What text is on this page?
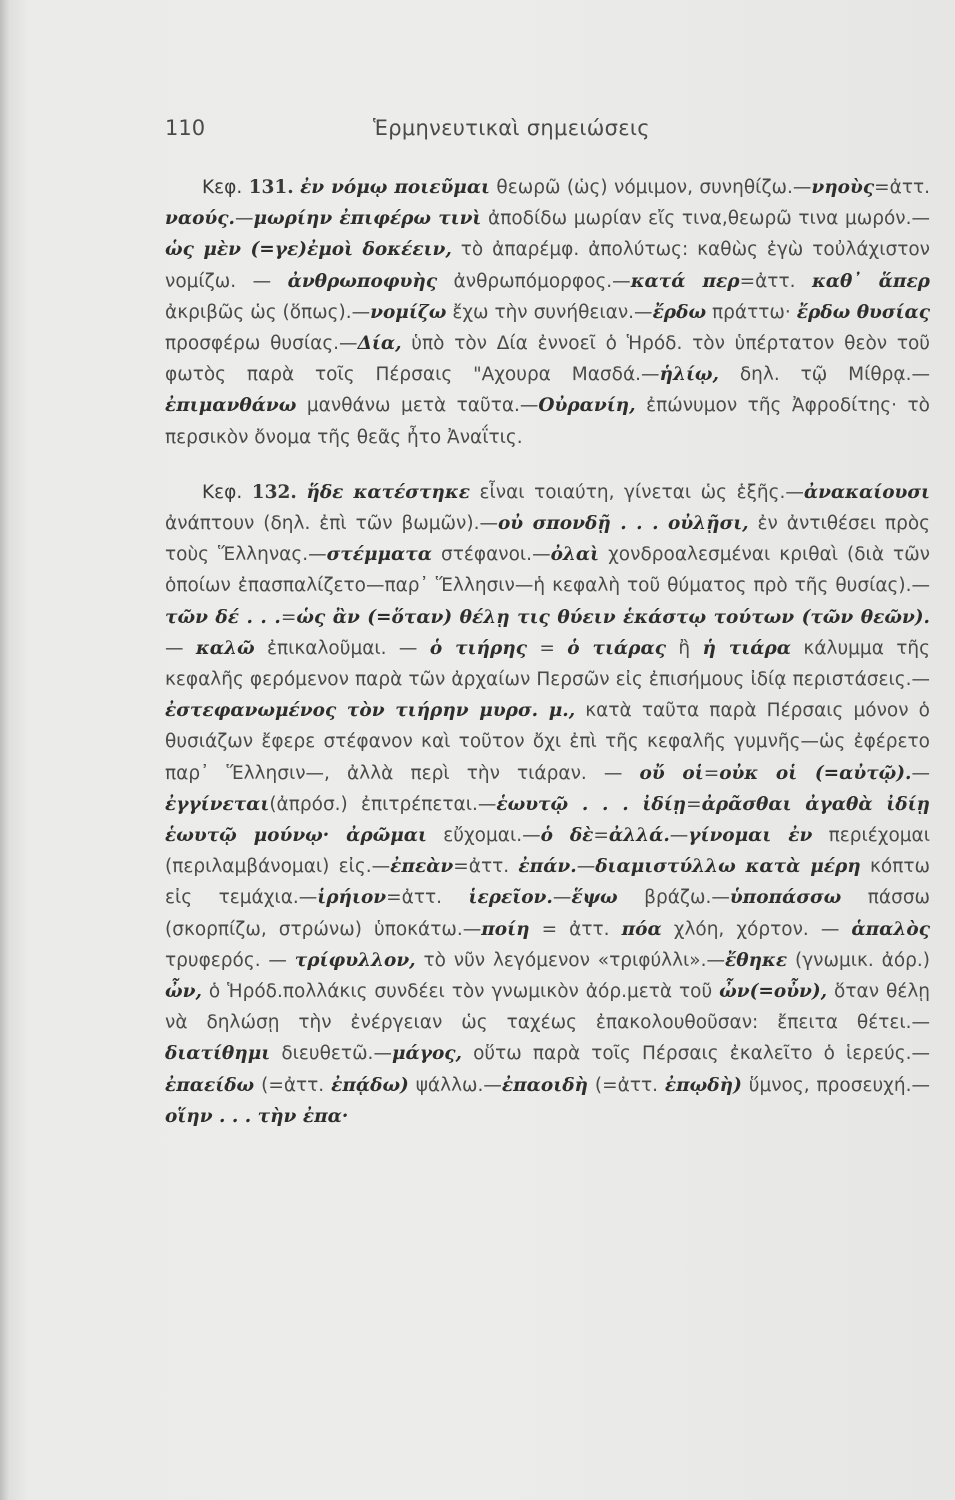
110	Ἑρμηνευτικαὶ σημειώσεις

Κεφ. 131. ἐν νόμῳ ποιεῦμαι θεωρῶ (ὡς) νόμιμον, συνηθίζω.—νηοὺς=ἀττ. ναούς.—μωρίην ἐπιφέρω τινὶ ἀποδίδω μωρίαν εἴς τινα,θεωρῶ τινα μωρόν.—ὡς μὲν (=γε)ἐμοὶ δοκέειν, τὸ ἀπαρέμφ. ἀπολύτως: καθὼς ἐγὼ τοὐλάχιστον νομίζω. — ἀνθρωποφυὴς ἀνθρωπόμορφος.—κατά περ=ἀττ. καθ᾽ ἅπερ ἀκριβῶς ὡς (ὅπως).—νομίζω ἔχω τὴν συνήθειαν.—ἔρδω πράττω· ἔρδω θυσίας προσφέρω θυσίας.—Δία, ὑπὸ τὸν Δία ἐννοεῖ ὁ Ἡρόδ. τὸν ὑπέρτατον θεὸν τοῦ φωτὸς παρὰ τοῖς Πέρσαις "Αχουρα Μασδά.—ἡλίῳ, δηλ. τῷ Μίθρᾳ.—ἐπιμανθάνω μανθάνω μετὰ ταῦτα.—Οὐρανίη, ἐπώνυμον τῆς Ἀφροδίτης· τὸ περσικὸν ὄνομα τῆς θεᾶς ἦτο Ἀναΐτις.

Κεφ. 132. ἥδε κατέστηκε εἶναι τοιαύτη, γίνεται ὡς ἑξῆς.—ἀνακαίουσι ἀνάπτουν (δηλ. ἐπὶ τῶν βωμῶν).—οὐ σπονδῇ . . . οὐλῇσι, ἐν ἀντιθέσει πρὸς τοὺς Ἕλληνας.—στέμματα στέφανοι.—ὀλαὶ χονδροαλεσμέναι κριθαὶ (διὰ τῶν ὁποίων ἐπασπαλίζετο—παρ᾽ Ἕλλησιν—ἡ κεφαλὴ τοῦ θύματος πρὸ τῆς θυσίας).—τῶν δέ . . .=ὡς ἂν (=ὅταν) θέλῃ τις θύειν ἑκάστῳ τούτων (τῶν θεῶν). — καλῶ ἐπικαλοῦμαι. — ὁ τιήρης = ὁ τιάρας ἢ ἡ τιάρα κάλυμμα τῆς κεφαλῆς φερόμενον παρὰ τῶν ἀρχαίων Περσῶν εἰς ἐπισήμους ἰδίᾳ περιστάσεις.—ἐστεφανωμένος τὸν τιήρην μυρσ. μ., κατὰ ταῦτα παρὰ Πέρσαις μόνον ὁ θυσιάζων ἔφερε στέφανον καὶ τοῦτον ὄχι ἐπὶ τῆς κεφαλῆς γυμνῆς—ὡς ἐφέρετο παρ᾽ Ἕλλησιν—, ἀλλὰ περὶ τὴν τιάραν. — οὔ οἱ=οὐκ οἱ (=αὐτῷ).—ἐγγίνεται(ἀπρόσ.) ἐπιτρέπεται.—ἑωυτῷ . . . ἰδίῃ=ἀρᾶσθαι ἀγαθὰ ἰδίῃ ἑωυτῷ μούνῳ· ἀρῶμαι εὔχομαι.—ὁ δὲ=ἀλλά.—γίνομαι ἐν περιέχομαι (περιλαμβάνομαι) εἰς.—ἐπεὰν=ἀττ. ἐπάν.—διαμιστύλλω κατὰ μέρη κόπτω εἰς τεμάχια.—ἱρήιον=ἀττ. ἱερεῖον.—ἕψω βράζω.—ὑποπάσσω πάσσω (σκορπίζω, στρώνω) ὑποκάτω.—ποίη = ἀττ. πόα χλόη, χόρτον. — ἁπαλὸς τρυφερός. — τρίφυλλον, τὸ νῦν λεγόμενον «τριφύλλι».—ἔθηκε (γνωμικ. ἀόρ.) ὦν, ὁ Ἡρόδ.πολλάκις συνδέει τὸν γνωμικὸν ἀόρ.μετὰ τοῦ ὦν(=οὖν), ὅταν θέλῃ νὰ δηλώσῃ τὴν ἐνέργειαν ὡς ταχέως ἐπακολουθοῦσαν: ἔπειτα θέτει.—διατίθημι διευθετῶ.—μάγος, οὕτω παρὰ τοῖς Πέρσαις ἐκαλεῖτο ὁ ἱερεύς.—ἐπαείδω (=ἀττ. ἐπᾴδω) ψάλλω.—ἐπαοιδὴ (=ἀττ. ἐπῳδὴ) ὕμνος, προσευχή.—οἵην . . . τὴν ἐπα·
